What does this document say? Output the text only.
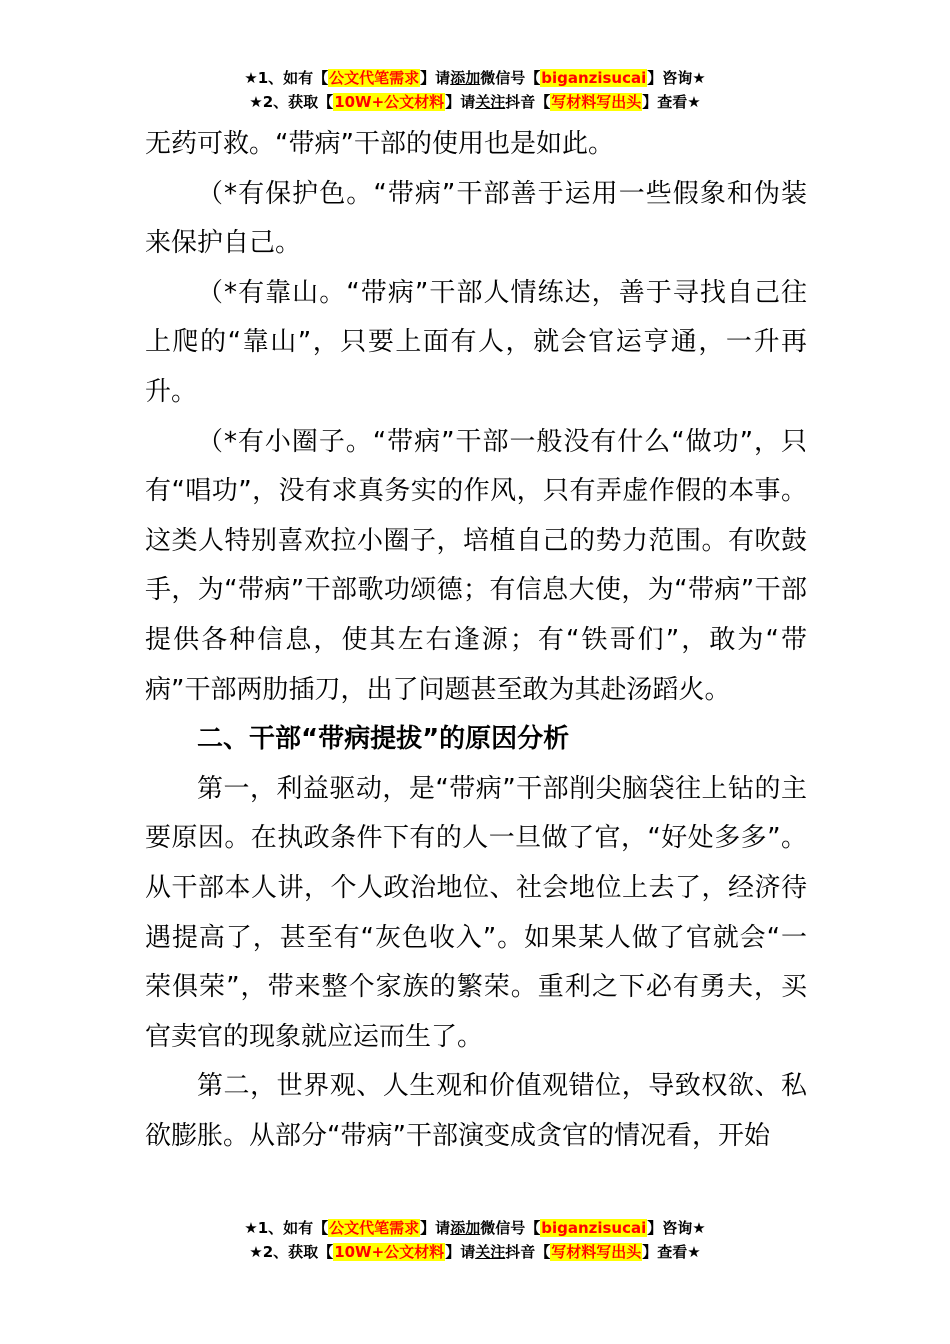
★1、如有【公文代笔需求】请添加微信号【biganzisucai】咨询★
★2、获取【10W+公文材料】请关注抖音【写材料写出头】查看★

无药可救。“带病”干部的使用也是如此。

（*有保护色。“带病”干部善于运用一些假象和伪装来保护自己。

（*有靠山。“带病”干部人情练达，善于寻找自己往上爬的“靠山”，只要上面有人，就会官运亨通，一升再升。

（*有小圈子。“带病”干部一般没有什么“做功”，只有“唱功”，没有求真务实的作风，只有弄虚作假的本事。这类人特别喜欢拉小圈子，培植自己的势力范围。有吹鼓手，为“带病”干部歌功颂德；有信息大使，为“带病”干部提供各种信息，使其左右逢源；有“铁哥们”，敢为“带病”干部两肋插刀，出了问题甚至敢为其赴汤蹈火。

二、干部“带病提拔”的原因分析

第一，利益驱动，是“带病”干部削尖脑袋往上钻的主要原因。在执政条件下有的人一旦做了官，“好处多多”。从干部本人讲，个人政治地位、社会地位上去了，经济待遇提高了，甚至有“灰色收入”。如果某人做了官就会“一荣俱荣”，带来整个家族的繁荣。重利之下必有勇夫，买官卖官的现象就应运而生了。

第二，世界观、人生观和价值观错位，导致权欲、私欲膨胀。从部分“带病”干部演变成贪官的情况看，开始

★1、如有【公文代笔需求】请添加微信号【biganzisucai】咨询★
★2、获取【10W+公文材料】请关注抖音【写材料写出头】查看★
